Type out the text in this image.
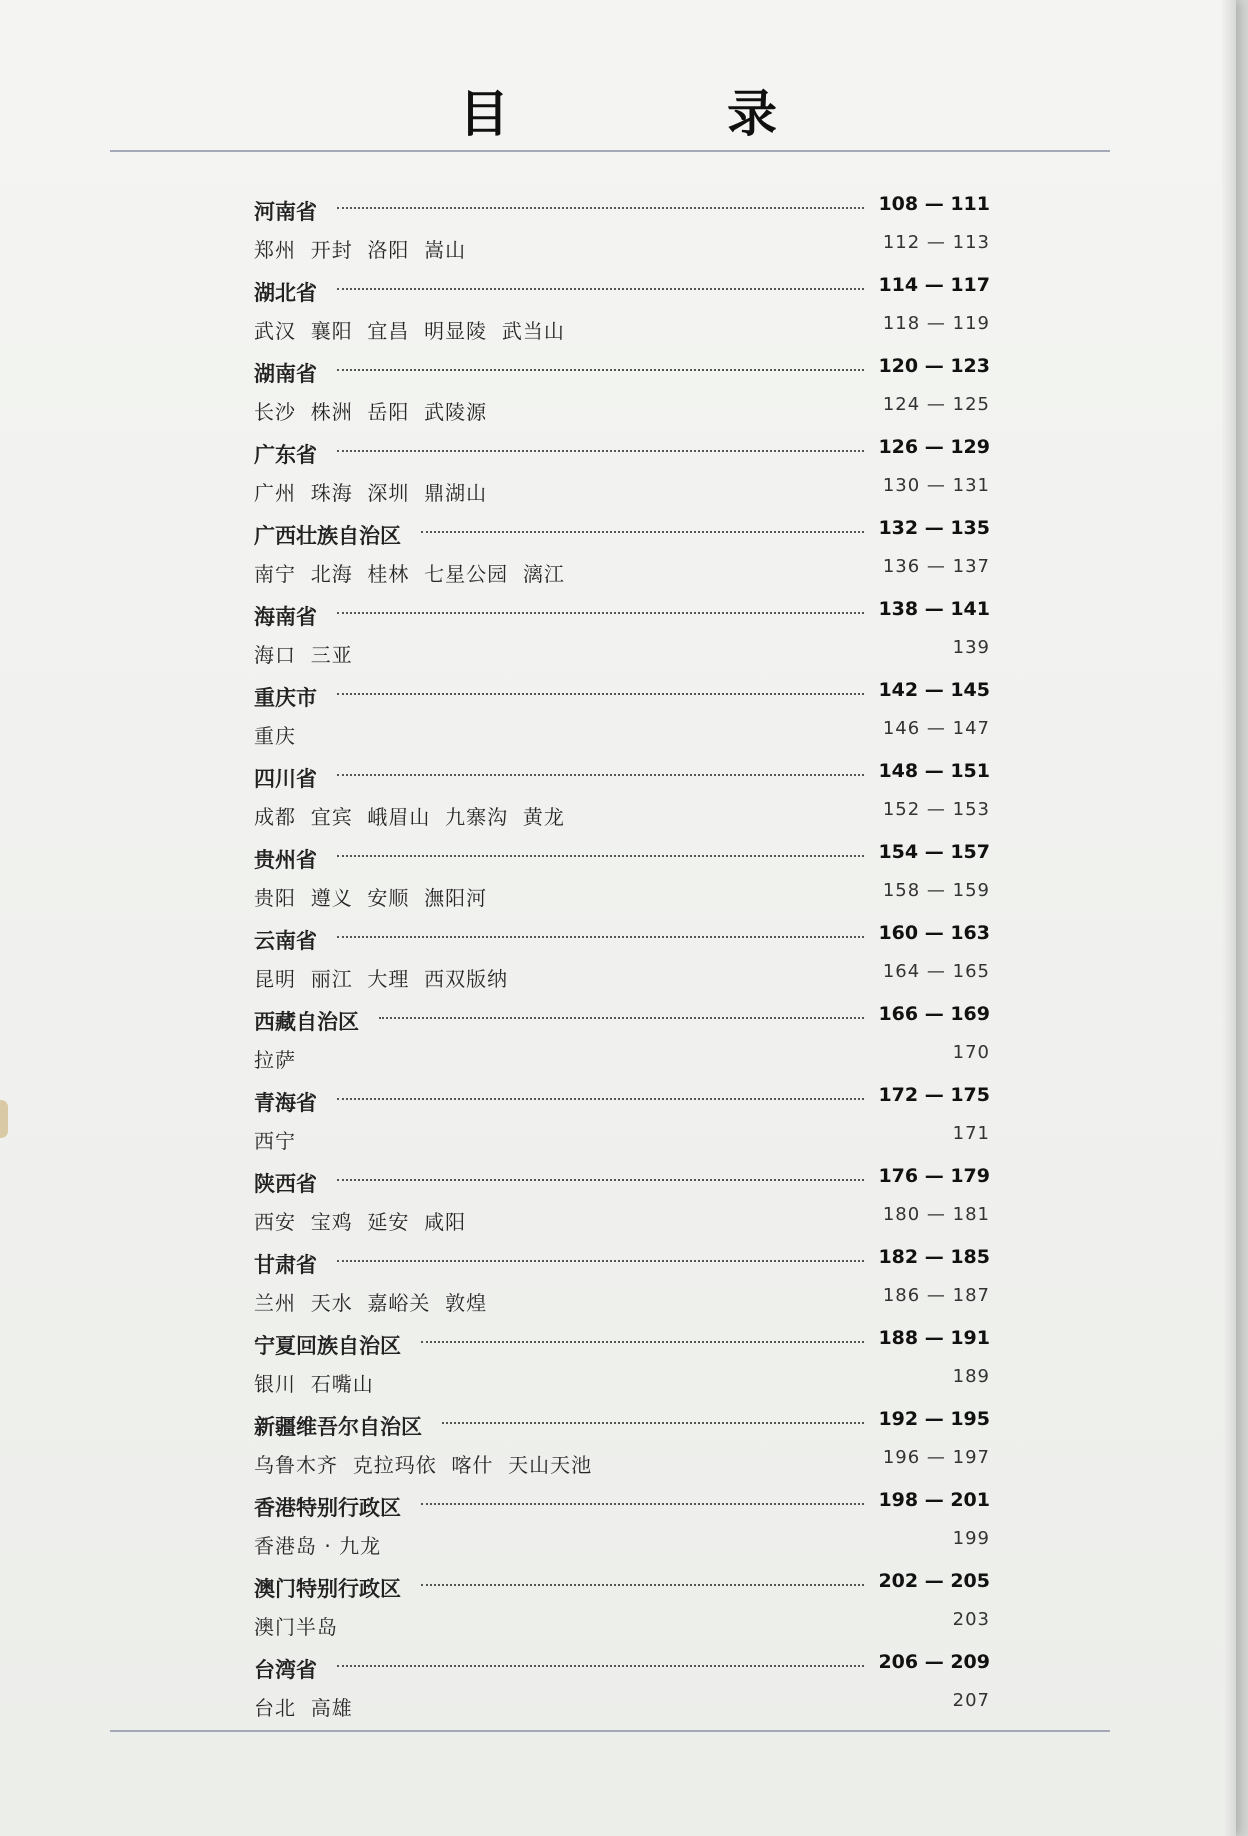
目　录
河南省	108 — 111
郑州  开封  洛阳  嵩山	112 — 113
湖北省	114 — 117
武汉  襄阳  宜昌  明显陵  武当山	118 — 119
湖南省	120 — 123
长沙  株洲  岳阳  武陵源	124 — 125
广东省	126 — 129
广州  珠海  深圳  鼎湖山	130 — 131
广西壮族自治区	132 — 135
南宁  北海  桂林  七星公园  漓江	136 — 137
海南省	138 — 141
海口  三亚	139
重庆市	142 — 145
重庆	146 — 147
四川省	148 — 151
成都  宜宾  峨眉山  九寨沟  黄龙	152 — 153
贵州省	154 — 157
贵阳  遵义  安顺  潕阳河	158 — 159
云南省	160 — 163
昆明  丽江  大理  西双版纳	164 — 165
西藏自治区	166 — 169
拉萨	170
青海省	172 — 175
西宁	171
陕西省	176 — 179
西安  宝鸡  延安  咸阳	180 — 181
甘肃省	182 — 185
兰州  天水  嘉峪关  敦煌	186 — 187
宁夏回族自治区	188 — 191
银川  石嘴山	189
新疆维吾尔自治区	192 — 195
乌鲁木齐  克拉玛依  喀什  天山天池	196 — 197
香港特别行政区	198 — 201
香港岛 · 九龙	199
澳门特别行政区	202 — 205
澳门半岛	203
台湾省	206 — 209
台北  高雄	207
